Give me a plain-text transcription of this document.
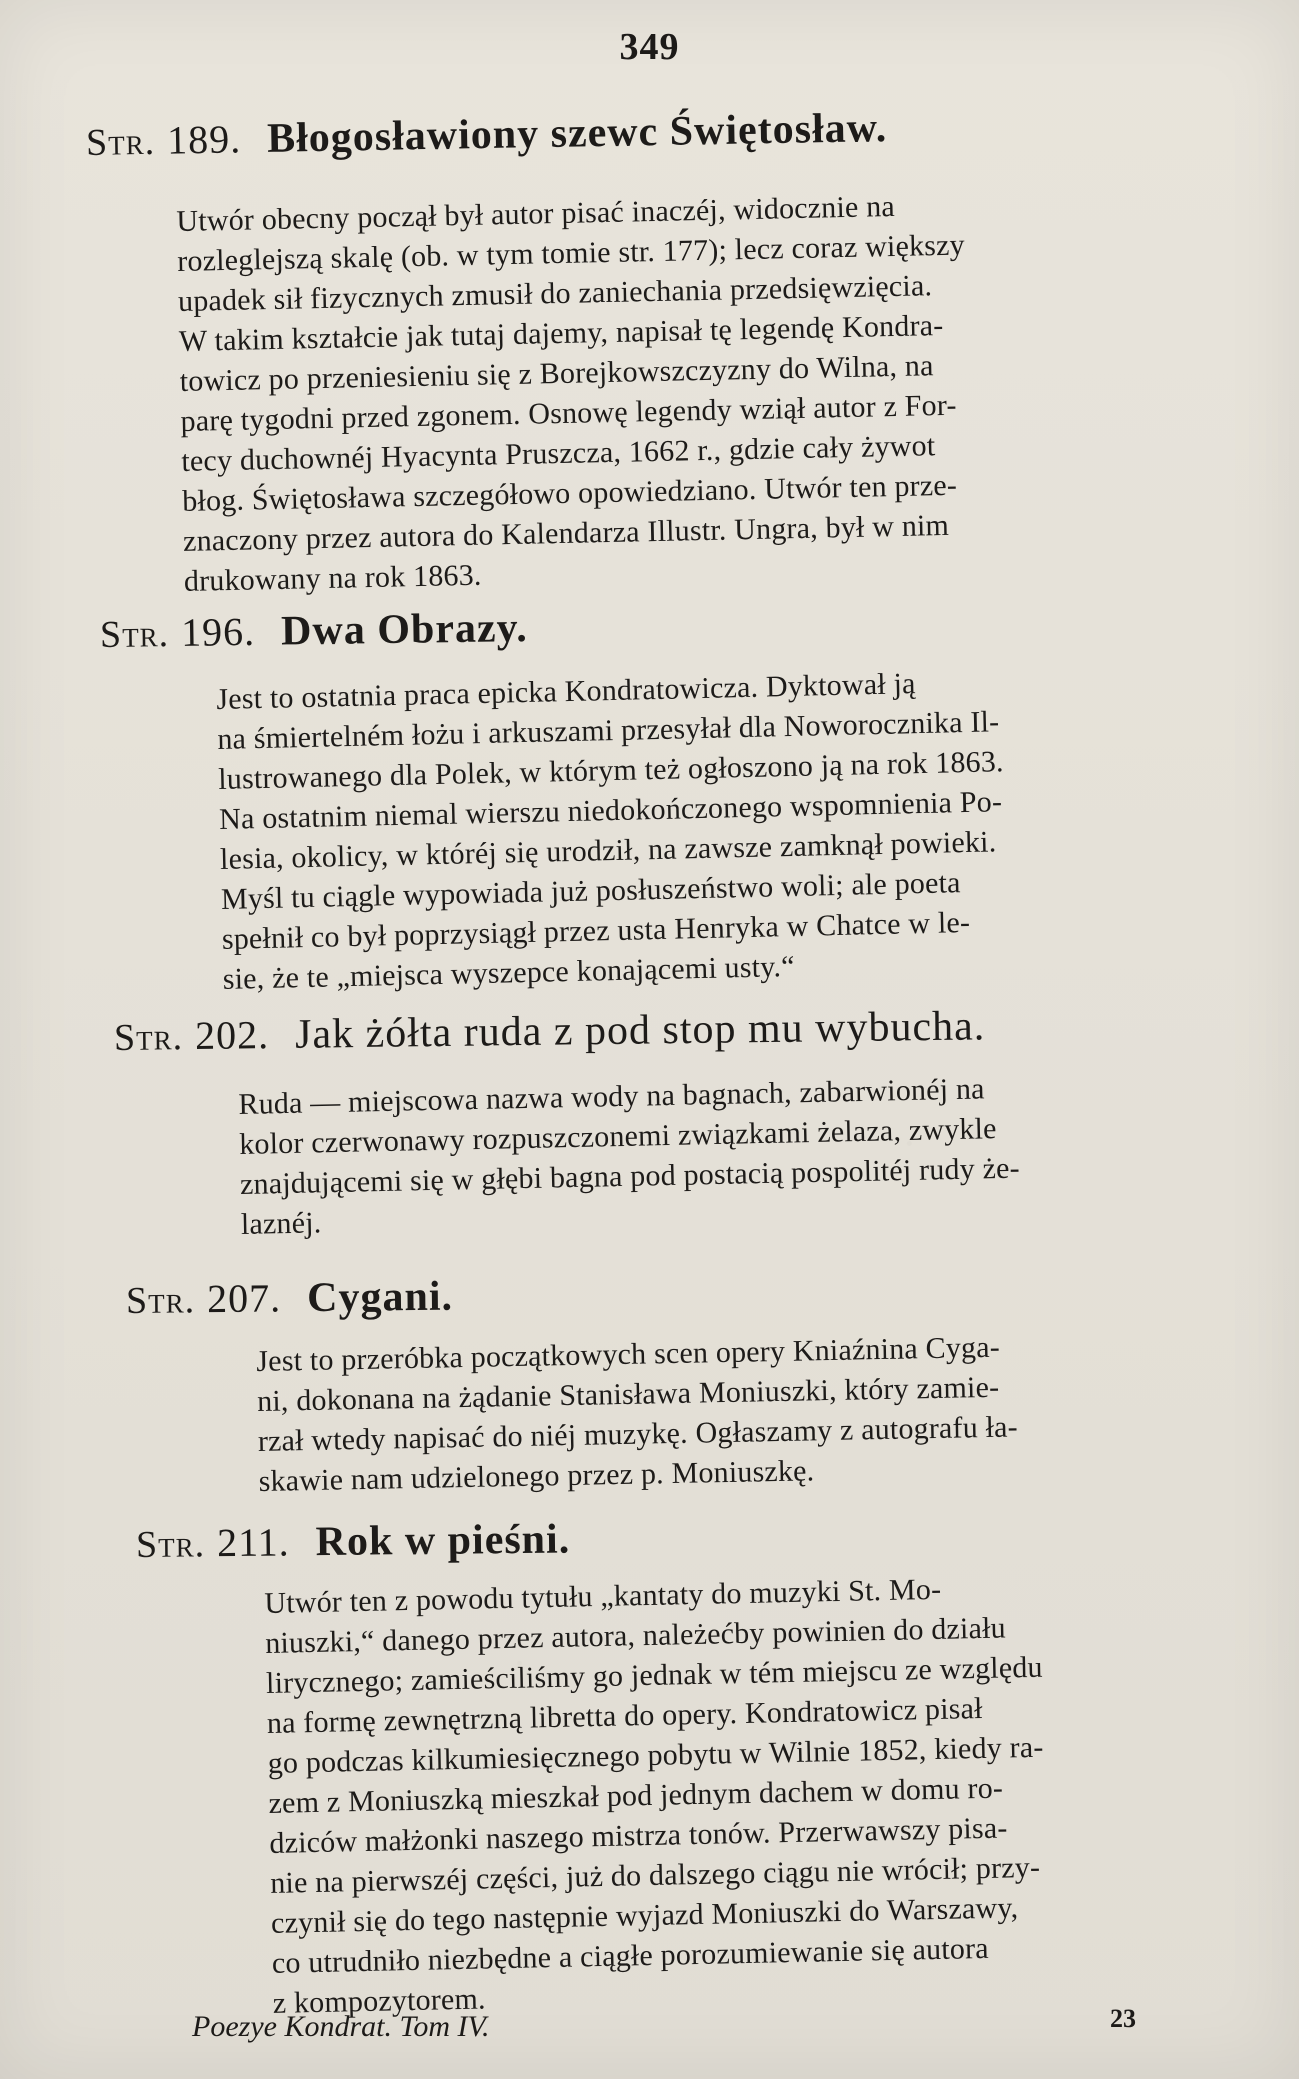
349
Str. 189. Błogosławiony szewc Świętosław.
Utwór obecny począł był autor pisać inaczéj, widocznie na
rozleglejszą skalę (ob. w tym tomie str. 177); lecz coraz większy
upadek sił fizycznych zmusił do zaniechania przedsięwzięcia.
W takim kształcie jak tutaj dajemy, napisał tę legendę Kondra-
towicz po przeniesieniu się z Borejkowszczyzny do Wilna, na
parę tygodni przed zgonem. Osnowę legendy wziął autor z For-
tecy duchownéj Hyacynta Pruszcza, 1662 r., gdzie cały żywot
błog. Świętosława szczegółowo opowiedziano. Utwór ten prze-
znaczony przez autora do Kalendarza Illustr. Ungra, był w nim
drukowany na rok 1863.
Str. 196. Dwa Obrazy.
Jest to ostatnia praca epicka Kondratowicza. Dyktował ją
na śmiertelném łożu i arkuszami przesyłał dla Noworocznika Il-
lustrowanego dla Polek, w którym też ogłoszono ją na rok 1863.
Na ostatnim niemal wierszu niedokończonego wspomnienia Po-
lesia, okolicy, w któréj się urodził, na zawsze zamknął powieki.
Myśl tu ciągle wypowiada już posłuszeństwo woli; ale poeta
spełnił co był poprzysiągł przez usta Henryka w Chatce w le-
sie, że te „miejsca wyszepce konającemi usty.“
Str. 202. Jak żółta ruda z pod stop mu wybucha.
Ruda — miejscowa nazwa wody na bagnach, zabarwionéj na
kolor czerwonawy rozpuszczonemi związkami żelaza, zwykle
znajdującemi się w głębi bagna pod postacią pospolitéj rudy że-
laznéj.
Str. 207. Cygani.
Jest to przeróbka początkowych scen opery Kniaźnina Cyga-
ni, dokonana na żądanie Stanisława Moniuszki, który zamie-
rzał wtedy napisać do niéj muzykę. Ogłaszamy z autografu ła-
skawie nam udzielonego przez p. Moniuszkę.
Str. 211. Rok w pieśni.
Utwór ten z powodu tytułu „kantaty do muzyki St. Mo-
niuszki,“ danego przez autora, należećby powinien do działu
lirycznego; zamieściliśmy go jednak w tém miejscu ze względu
na formę zewnętrzną libretta do opery. Kondratowicz pisał
go podczas kilkumiesięcznego pobytu w Wilnie 1852, kiedy ra-
zem z Moniuszką mieszkał pod jednym dachem w domu ro-
dziców małżonki naszego mistrza tonów. Przerwawszy pisa-
nie na pierwszéj części, już do dalszego ciągu nie wrócił; przy-
czynił się do tego następnie wyjazd Moniuszki do Warszawy,
co utrudniło niezbędne a ciągłe porozumiewanie się autora
z kompozytorem.
Poezye Kondrat. Tom IV.	23
